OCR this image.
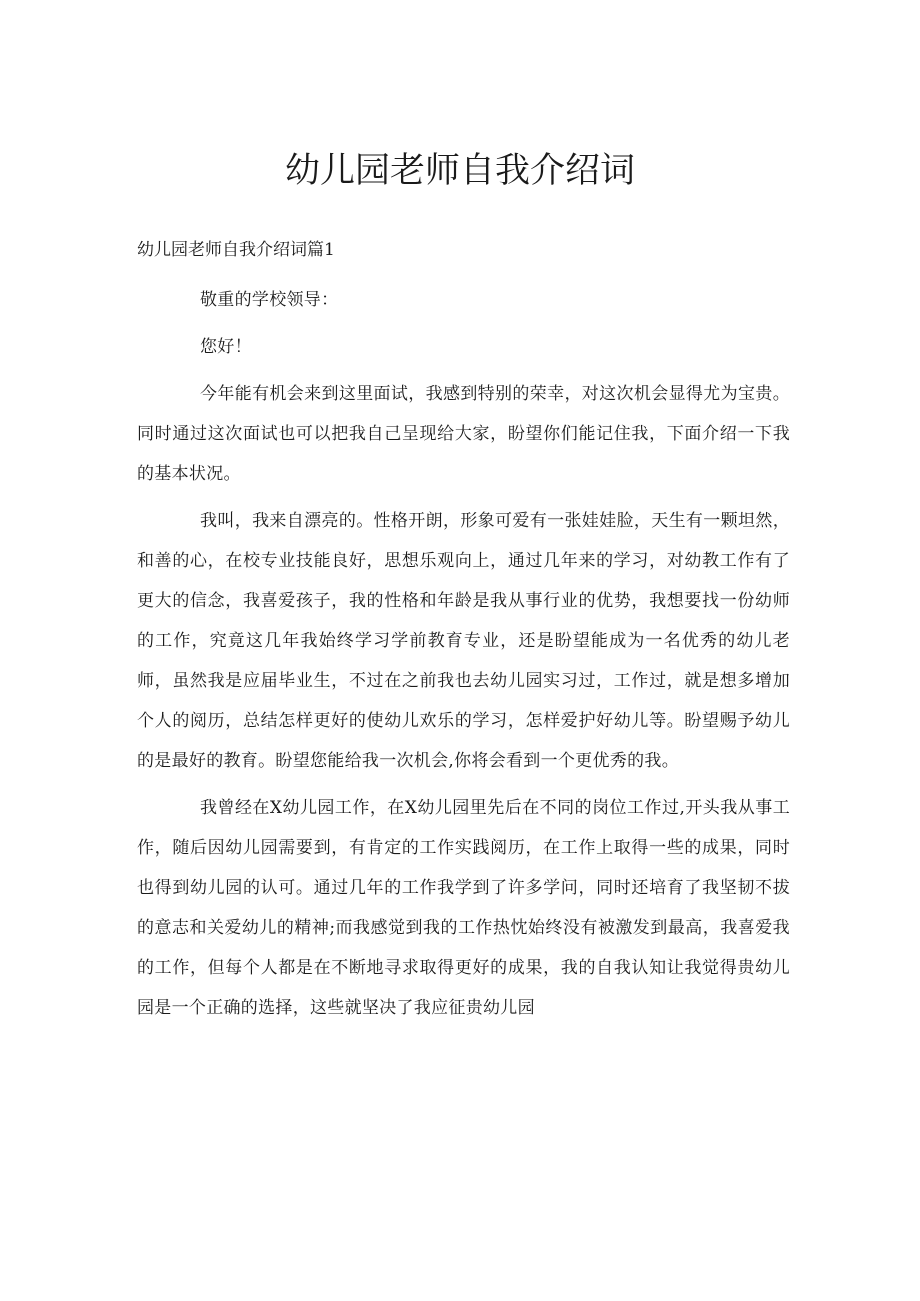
幼儿园老师自我介绍词

幼儿园老师自我介绍词篇1

敬重的学校领导：

您好！

今年能有机会来到这里面试，我感到特别的荣幸，对这次机会显得尤为宝贵。同时通过这次面试也可以把我自己呈现给大家，盼望你们能记住我，下面介绍一下我的基本状况。

我叫，我来自漂亮的。性格开朗，形象可爱有一张娃娃脸，天生有一颗坦然，和善的心，在校专业技能良好，思想乐观向上，通过几年来的学习，对幼教工作有了更大的信念，我喜爱孩子，我的性格和年龄是我从事行业的优势，我想要找一份幼师的工作，究竟这几年我始终学习学前教育专业，还是盼望能成为一名优秀的幼儿老师，虽然我是应届毕业生，不过在之前我也去幼儿园实习过，工作过，就是想多增加个人的阅历，总结怎样更好的使幼儿欢乐的学习，怎样爱护好幼儿等。盼望赐予幼儿的是最好的教育。盼望您能给我一次机会,你将会看到一个更优秀的我。

我曾经在X幼儿园工作，在X幼儿园里先后在不同的岗位工作过,开头我从事工作，随后因幼儿园需要到，有肯定的工作实践阅历，在工作上取得一些的成果，同时也得到幼儿园的认可。通过几年的工作我学到了许多学问，同时还培育了我坚韧不拔的意志和关爱幼儿的精神;而我感觉到我的工作热忱始终没有被激发到最高，我喜爱我的工作，但每个人都是在不断地寻求取得更好的成果，我的自我认知让我觉得贵幼儿园是一个正确的选择，这些就坚决了我应征贵幼儿园
